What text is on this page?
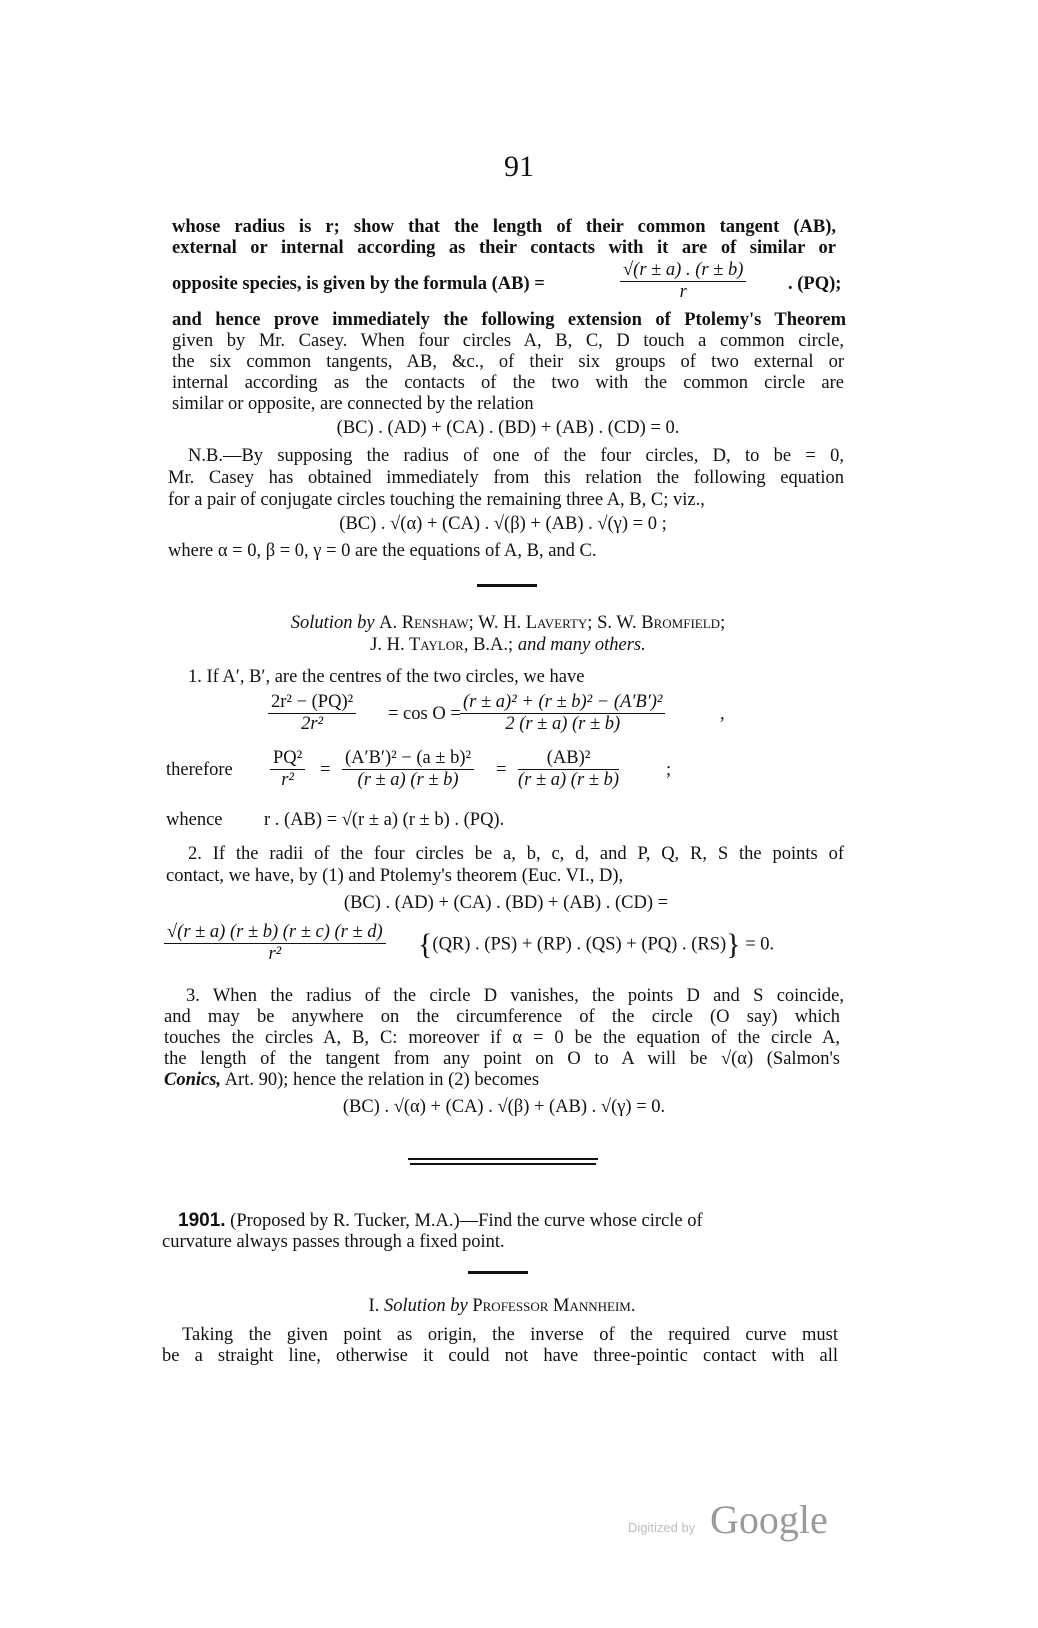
91
whose radius is r; show that the length of their common tangent (AB),
external or internal according as their contacts with it are of similar or
opposite species, is given by the formula (AB) =	$\frac{√(r \pm a) . (r \pm b)}{r}$ . (PQ);
and hence prove immediately the following extension of Ptolemy's Theorem
given by Mr. Casey. When four circles A, B, C, D touch a common circle,
the six common tangents, AB, &c., of their six groups of two external or
internal according as the contacts of the two with the common circle are
similar or opposite, are connected by the relation
(BC) . (AD) + (CA) . (BD) + (AB) . (CD) = 0.
N.B.—By supposing the radius of one of the four circles, D, to be = 0,
Mr. Casey has obtained immediately from this relation the following equation
for a pair of conjugate circles touching the remaining three A, B, C; viz.,
(BC) . √(α) + (CA) . √(β) + (AB) . √(γ) = 0 ;
where α = 0, β = 0, γ = 0 are the equations of A, B, and C.
Solution by A. Renshaw; W. H. Laverty; S. W. Bromfield;
J. H. Taylor, B.A.; and many others.
1. If A′, B′, are the centres of the two circles, we have
$\frac{\text{2r² − (PQ)²}}{\text{2r²}} = \cos O = \frac{\text{(r ± a)² + (r ± b)² − (A′B′)²}}{2 (r \pm a) (r \pm b)}$	,
therefore $\frac{\text{PQ²}}{\text{r²}} = \frac{\text{(A′B′)² − (a ± b)²}}{(r \pm a) (r \pm b)} = \frac{\text{(AB)²}}{(r \pm a) (r \pm b)}$	;
whence r . (AB) = √(r ± a) (r ± b) . (PQ).
2. If the radii of the four circles be a, b, c, d, and P, Q, R, S the points of
contact, we have, by (1) and Ptolemy's theorem (Euc. VI., D),
(BC) . (AD) + (CA) . (BD) + (AB) . (CD) =
$\frac{√(r \pm a) (r \pm b) (r \pm c) (r \pm d)}{\text{r²}} \{(QR)$ . (PS) + (RP) . (QS) + (PQ) . (RS)} = 0.
3. When the radius of the circle D vanishes, the points D and S coincide,
and may be anywhere on the circumference of the circle (O say) which
touches the circles A, B, C: moreover if α = 0 be the equation of the circle A,
the length of the tangent from any point on O to A will be √(α) (Salmon's
Conics, Art. 90); hence the relation in (2) becomes
(BC) . √(α) + (CA) . √(β) + (AB) . √(γ) = 0.
1901. (Proposed by R. Tucker, M.A.)—Find the curve whose circle of
curvature always passes through a fixed point.
I. Solution by Professor Mannheim.
Taking the given point as origin, the inverse of the required curve must
be a straight line, otherwise it could not have three-pointic contact with all
Digitized by Google
